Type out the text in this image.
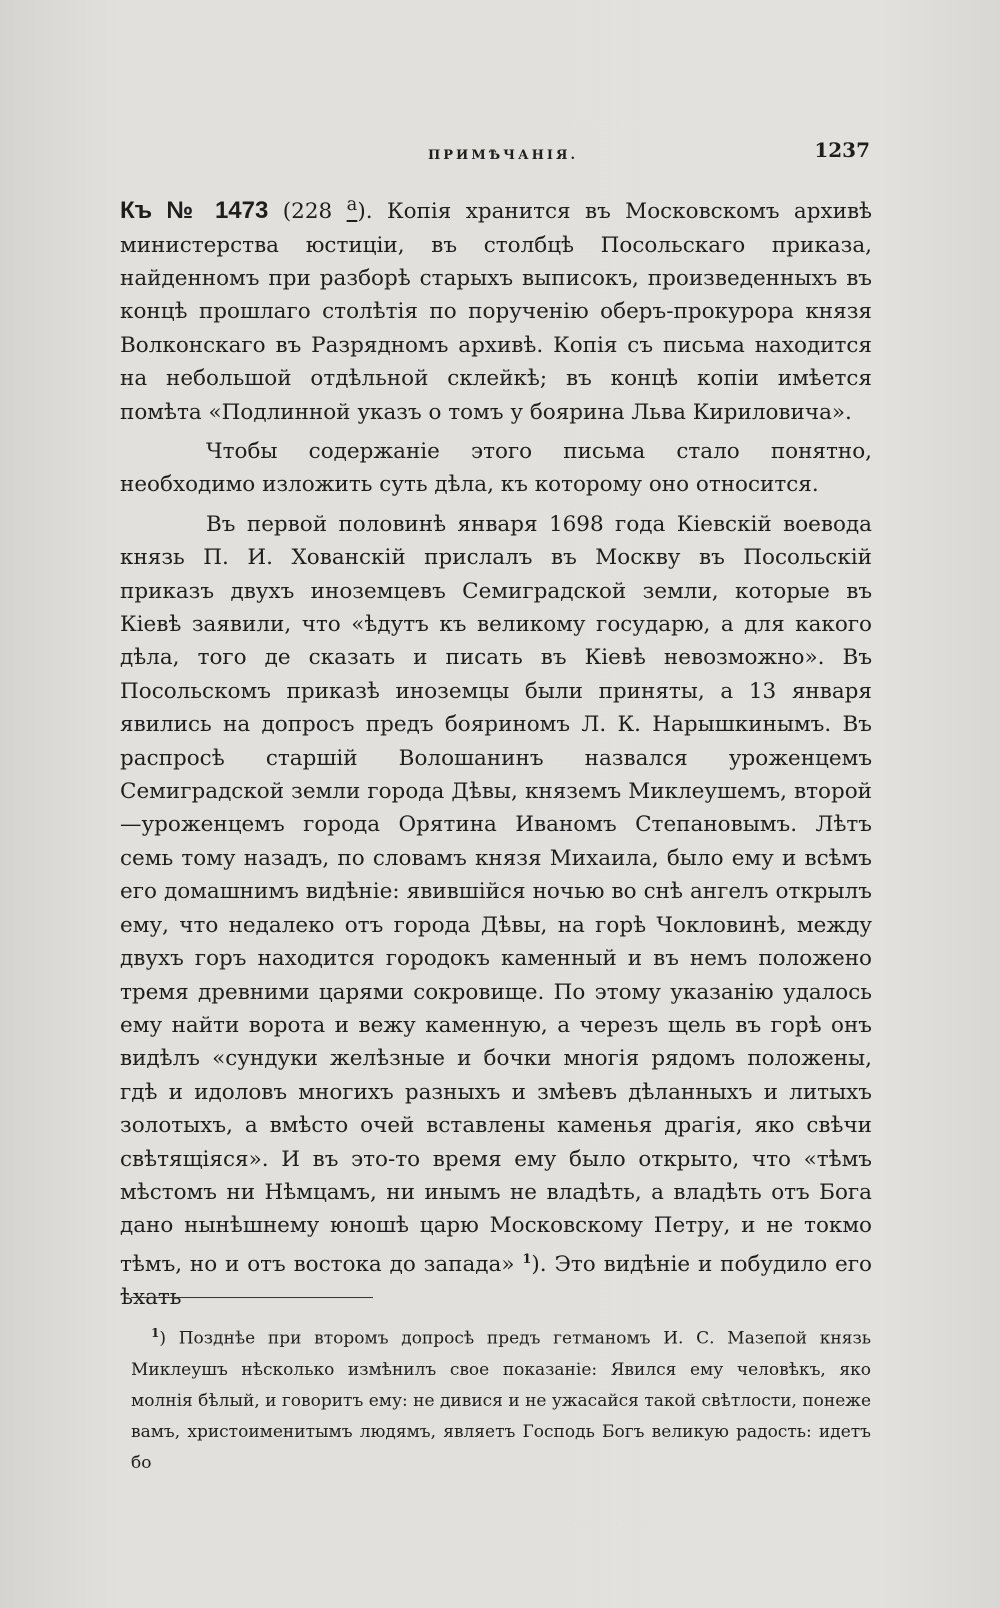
ПРИМѢЧАНІЯ.	1237

Къ № 1473 (228 $^а$). Копія хранится въ Московскомъ архивѣ министерства юстиціи, въ столбцѣ Посольскаго приказа, найденномъ при разборѣ старыхъ выписокъ, произведенныхъ въ концѣ прошлаго столѣтія по порученію оберъ-прокурора князя Волконскаго въ Разрядномъ архивѣ. Копія съ письма находится на небольшой отдѣльной склейкѣ; въ концѣ копіи имѣется помѣта «Подлинной указъ о томъ у боярина Льва Кириловича».

Чтобы содержаніе этого письма стало понятно, необходимо изложить суть дѣла, къ которому оно относится.

Въ первой половинѣ января 1698 года Кіевскій воевода князь П. И. Хованскій прислалъ въ Москву въ Посольскій приказъ двухъ иноземцевъ Семиградской земли, которые въ Кіевѣ заявили, что «ѣдутъ къ великому государю, а для какого дѣла, того де сказать и писать въ Кіевѣ невозможно». Въ Посольскомъ приказѣ иноземцы были приняты, а 13 января явились на допросъ предъ бояриномъ Л. К. Нарышкинымъ. Въ распросѣ старшій Волошанинъ назвался уроженцемъ Семиградской земли города Дѣвы, княземъ Миклеушемъ, второй—уроженцемъ города Орятина Иваномъ Степановымъ. Лѣтъ семь тому назадъ, по словамъ князя Михаила, было ему и всѣмъ его домашнимъ видѣніе: явившійся ночью во снѣ ангелъ открылъ ему, что недалеко отъ города Дѣвы, на горѣ Чокловинѣ, между двухъ горъ находится городокъ каменный и въ немъ положено тремя древними царями сокровище. По этому указанію удалось ему найти ворота и вежу каменную, а черезъ щель въ горѣ онъ видѣлъ «сундуки желѣзные и бочки многія рядомъ положены, гдѣ и идоловъ многихъ разныхъ и змѣевъ дѣланныхъ и литыхъ золотыхъ, а вмѣсто очей вставлены каменья драгія, яко свѣчи свѣтящіяся». И въ это-то время ему было открыто, что «тѣмъ мѣстомъ ни Нѣмцамъ, ни инымъ не владѣть, а владѣть отъ Бога дано нынѣшнему юношѣ царю Московскому Петру, и не токмо тѣмъ, но и отъ востока до запада» $^1$). Это видѣніе и побудило его ѣхать

$^1$) Позднѣе при второмъ допросѣ предъ гетманомъ И. С. Мазепой князь Миклеушъ нѣсколько измѣнилъ свое показаніе: Явился ему человѣкъ, яко молнія бѣлый, и говоритъ ему: не дивися и не ужасайся такой свѣтлости, понеже вамъ, христоименитымъ людямъ, являетъ Господь Богъ великую радость: идетъ бо
